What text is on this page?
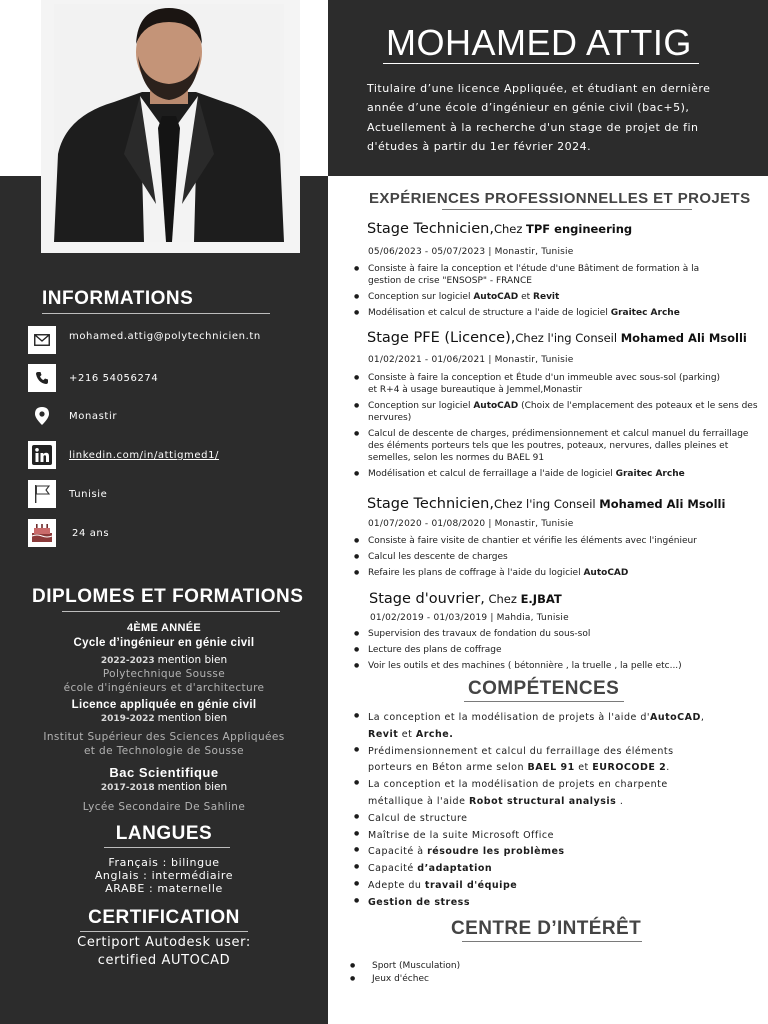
INFORMATIONS
mohamed.attig@polytechnicien.tn
+216 54056274
Monastir
linkedin.com/in/attigmed1/
Tunisie
24 ans
DIPLOMES ET FORMATIONS
4ÈME ANNÉE
Cycle d’ingénieur en génie civil
2022-2023 mention bien
Polytechnique Sousse
école d'ingénieurs et d'architecture
Licence appliquée en génie civil
2019-2022 mention bien
Institut Supérieur des Sciences Appliquées
et de Technologie de Sousse
Bac Scientifique
2017-2018 mention bien
Lycée Secondaire De Sahline
LANGUES
Français : bilingue
Anglais : intermédiaire
ARABE : maternelle
CERTIFICATION
Certiport Autodesk user:
certified AUTOCAD
MOHAMED ATTIG
Titulaire d’une licence Appliquée, et étudiant en dernière année d’une école d’ingénieur en génie civil (bac+5), Actuellement à la recherche d'un stage de projet de fin d'études à partir du 1er février 2024.
EXPÉRIENCES PROFESSIONNELLES ET PROJETS
Stage Technicien,Chez TPF engineering
05/06/2023 - 05/07/2023 | Monastir, Tunisie
● Consiste à faire la conception et l'étude d'une Bâtiment de formation à la gestion de crise "ENSOSP" - FRANCE
● Conception sur logiciel AutoCAD et Revit
● Modélisation et calcul de structure a l'aide de logiciel Graitec Arche
Stage PFE (Licence),Chez l'ing Conseil Mohamed Ali Msolli
01/02/2021 - 01/06/2021 | Monastir, Tunisie
● Consiste à faire la conception et Étude d'un immeuble avec sous-sol (parking) et R+4 à usage bureautique à Jemmel,Monastir
● Conception sur logiciel AutoCAD (Choix de l'emplacement des poteaux et le sens des nervures)
● Calcul de descente de charges, prédimensionnement et calcul manuel du ferraillage des éléments porteurs tels que les poutres, poteaux, nervures, dalles pleines et semelles, selon les normes du BAEL 91
● Modélisation et calcul de ferraillage a l'aide de logiciel Graitec Arche
Stage Technicien,Chez l'ing Conseil Mohamed Ali Msolli
01/07/2020 - 01/08/2020 | Monastir, Tunisie
● Consiste à faire visite de chantier et vérifie les éléments avec l'ingénieur
● Calcul les descente de charges
● Refaire les plans de coffrage à l'aide du logiciel AutoCAD
Stage d'ouvrier, Chez E.JBAT
01/02/2019 - 01/03/2019 | Mahdia, Tunisie
● Supervision des travaux de fondation du sous-sol
● Lecture des plans de coffrage
● Voir les outils et des machines ( bétonnière , la truelle , la pelle etc...)
COMPÉTENCES
● La conception et la modélisation de projets à l'aide d'AutoCAD, Revit et Arche.
● Prédimensionnement et calcul du ferraillage des éléments porteurs en Béton arme selon BAEL 91 et EUROCODE 2.
● La conception et la modélisation de projets en charpente métallique à l'aide Robot structural analysis .
● Calcul de structure
● Maîtrise de la suite Microsoft Office
● Capacité à résoudre les problèmes
● Capacité d’adaptation
● Adepte du travail d'équipe
● Gestion de stress
CENTRE D’INTÉRÊT
● Sport (Musculation)
● Jeux d'échec
